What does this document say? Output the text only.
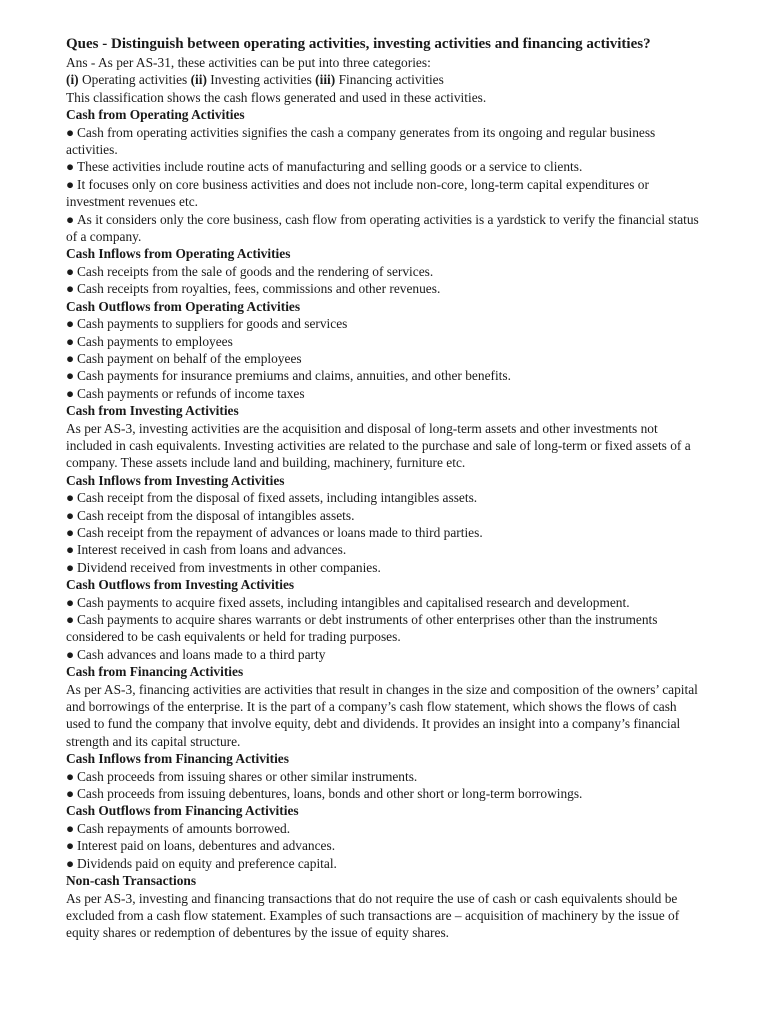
Ques - Distinguish between operating activities, investing activities and financing activities?

Ans - As per AS-31, these activities can be put into three categories:

(i) Operating activities (ii) Investing activities (iii) Financing activities

This classification shows the cash flows generated and used in these activities.

Cash from Operating Activities

● Cash from operating activities signifies the cash a company generates from its ongoing and regular business activities.

● These activities include routine acts of manufacturing and selling goods or a service to clients.

● It focuses only on core business activities and does not include non-core, long-term capital expenditures or investment revenues etc.

● As it considers only the core business, cash flow from operating activities is a yardstick to verify the financial status of a company.

Cash Inflows from Operating Activities

● Cash receipts from the sale of goods and the rendering of services.

● Cash receipts from royalties, fees, commissions and other revenues.

Cash Outflows from Operating Activities

● Cash payments to suppliers for goods and services

● Cash payments to employees

● Cash payment on behalf of the employees

● Cash payments for insurance premiums and claims, annuities, and other benefits.

● Cash payments or refunds of income taxes

Cash from Investing Activities

As per AS-3, investing activities are the acquisition and disposal of long-term assets and other investments not included in cash equivalents. Investing activities are related to the purchase and sale of long-term or fixed assets of a company. These assets include land and building, machinery, furniture etc.

Cash Inflows from Investing Activities

● Cash receipt from the disposal of fixed assets, including intangibles assets.

● Cash receipt from the disposal of intangibles assets.

● Cash receipt from the repayment of advances or loans made to third parties.

● Interest received in cash from loans and advances.

● Dividend received from investments in other companies.

Cash Outflows from Investing Activities

● Cash payments to acquire fixed assets, including intangibles and capitalised research and development.

● Cash payments to acquire shares warrants or debt instruments of other enterprises other than the instruments considered to be cash equivalents or held for trading purposes.

● Cash advances and loans made to a third party

Cash from Financing Activities

As per AS-3, financing activities are activities that result in changes in the size and composition of the owners’ capital and borrowings of the enterprise. It is the part of a company’s cash flow statement, which shows the flows of cash used to fund the company that involve equity, debt and dividends. It provides an insight into a company’s financial strength and its capital structure.

Cash Inflows from Financing Activities

● Cash proceeds from issuing shares or other similar instruments.

● Cash proceeds from issuing debentures, loans, bonds and other short or long-term borrowings.

Cash Outflows from Financing Activities

● Cash repayments of amounts borrowed.

● Interest paid on loans, debentures and advances.

● Dividends paid on equity and preference capital.

Non-cash Transactions

As per AS-3, investing and financing transactions that do not require the use of cash or cash equivalents should be excluded from a cash flow statement. Examples of such transactions are – acquisition of machinery by the issue of equity shares or redemption of debentures by the issue of equity shares.
